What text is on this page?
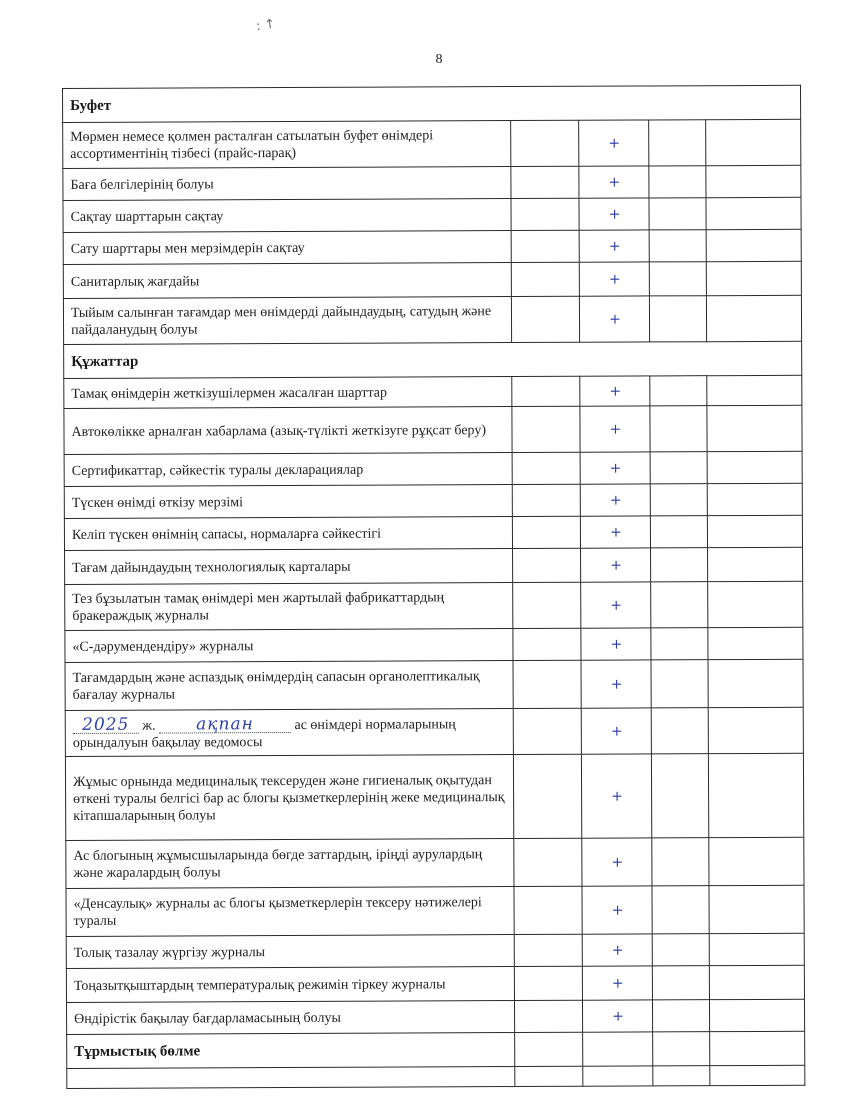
: ↑
8
Буфет				
Мөрмен немесе қолмен расталған сатылатын буфет өнімдері ассортиментінің тізбесі (прайс-парақ)		+		
Баға белгілерінің болуы		+		
Сақтау шарттарын сақтау		+		
Сату шарттары мен мерзімдерін сақтау		+		
Санитарлық жағдайы		+		
Тыйым салынған тағамдар мен өнімдерді дайындаудың, сатудың және пайдаланудың болуы		+		
Құжаттар				
Тамақ өнімдерін жеткізушілермен жасалған шарттар		+		
Автокөлікке арналған хабарлама (азық-түлікті жеткізуге рұқсат беру)		+		
Сертификаттар, сәйкестік туралы декларациялар		+		
Түскен өнімді өткізу мерзімі		+		
Келіп түскен өнімнің сапасы, нормаларға сәйкестігі		+		
Тағам дайындаудың технологиялық карталары		+		
Тез бұзылатын тамақ өнімдері мен жартылай фабрикаттардың бракераждық журналы		+		
«С-дәрумендендіру» журналы		+		
Тағамдардың және аспаздық өнімдердің сапасын органолептикалық бағалау журналы		+		
2025 ж. ақпан ас өнімдері нормаларының
орындалуын бақылау ведомосы		+		
Жұмыс орнында медициналық тексеруден және гигиеналық оқытудан өткені туралы белгісі бар ас блогы қызметкерлерінің жеке медициналық кітапшаларының болуы		+		
Ас блогының жұмысшыларында бөгде заттардың, іріңді аурулардың және жаралардың болуы		+		
«Денсаулық» журналы ас блогы қызметкерлерін тексеру нәтижелері туралы		+		
Толық тазалау жүргізу журналы		+		
Тоңазытқыштардың температуралық режимін тіркеу журналы		+		
Өндірістік бақылау бағдарламасының болуы		+		
Тұрмыстық бөлме				
